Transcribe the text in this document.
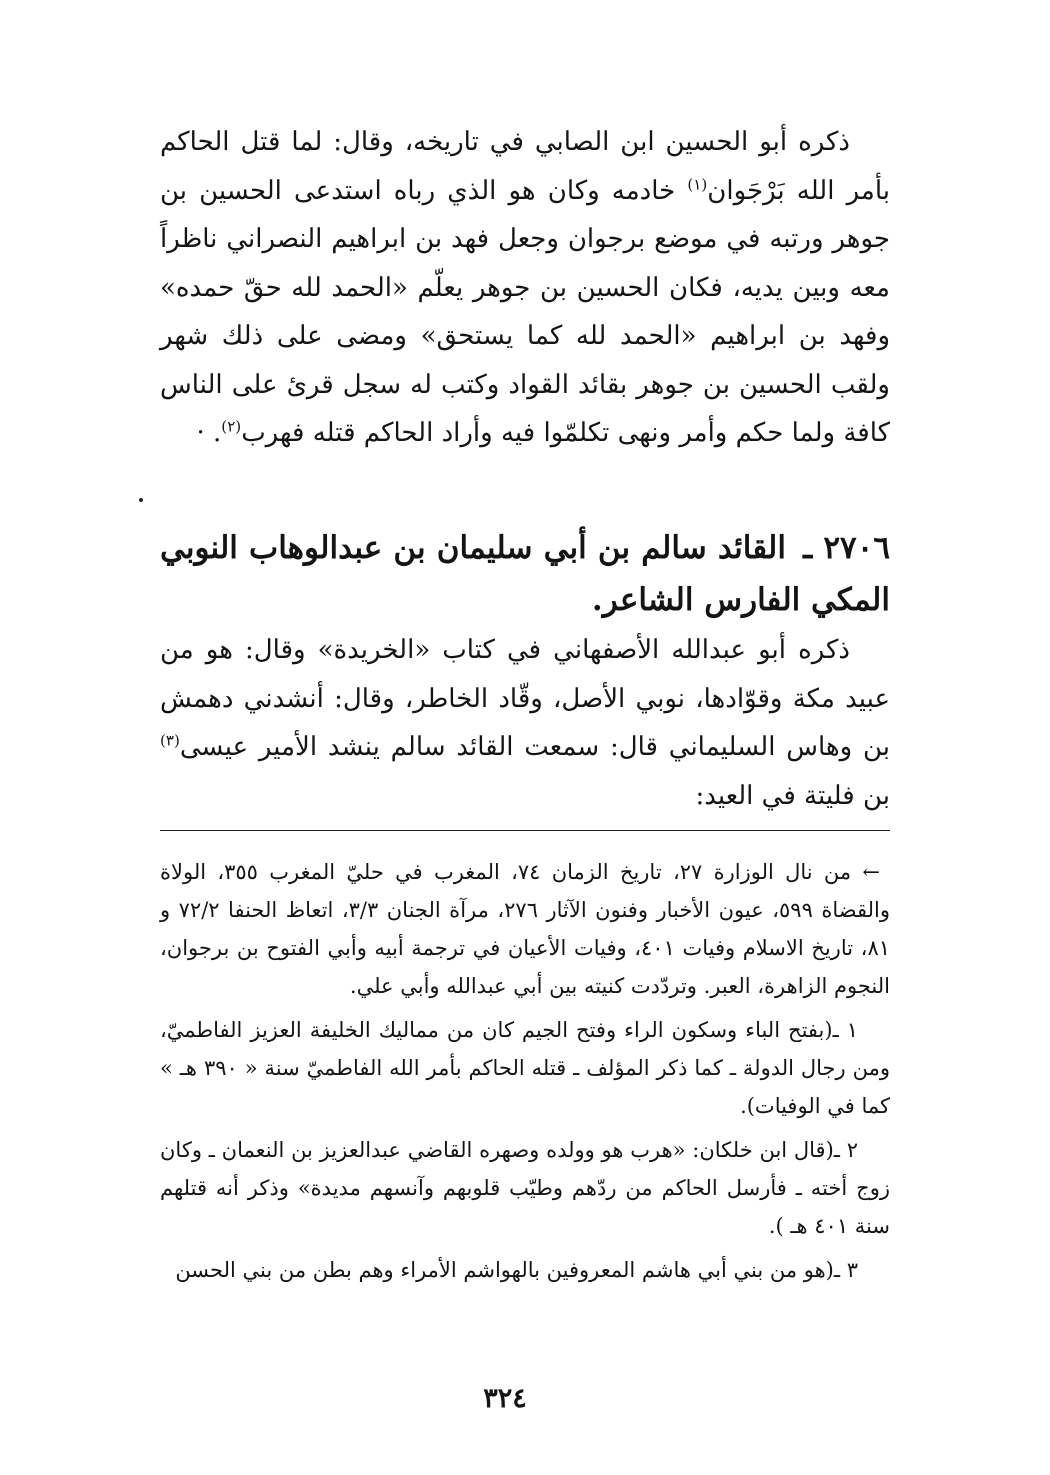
ذكره أبو الحسين ابن الصابي في تاريخه، وقال: لما قتل الحاكم بأمر الله بَرْجَوان$^{(١)}$ خادمه وكان هو الذي رباه استدعى الحسين بن جوهر ورتبه في موضع برجوان وجعل فهد بن ابراهيم النصراني ناظراً معه وبين يديه، فكان الحسين بن جوهر يعلّم «الحمد لله حقّ حمده» وفهد بن ابراهيم «الحمد لله كما يستحق» ومضى على ذلك شهر ولقب الحسين بن جوهر بقائد القواد وكتب له سجل قرئ على الناس كافة ولما حكم وأمر ونهى تكلمّوا فيه وأراد الحاكم قتله فهرب$^{(٢)}$. ·
٢٧٠٦ ـ القائد سالم بن أبي سليمان بن عبدالوهاب النوبي المكي الفارس الشاعر.
ذكره أبو عبدالله الأصفهاني في كتاب «الخريدة» وقال: هو من عبيد مكة وقوّادها، نوبي الأصل، وقّاد الخاطر، وقال: أنشدني دهمش بن وهاس السليماني قال: سمعت القائد سالم ينشد الأمير عيسى$^{(٣)}$ بن فليتة في العيد:

← من نال الوزارة ٢٧، تاريخ الزمان ٧٤، المغرب في حليّ المغرب ٣٥٥، الولاة والقضاة ٥٩٩، عيون الأخبار وفنون الآثار ٢٧٦، مرآة الجنان ٣/٣، اتعاظ الحنفا ٧٢/٢ و ٨١، تاريخ الاسلام وفيات ٤٠١، وفيات الأعيان في ترجمة أبيه وأبي الفتوح بن برجوان، النجوم الزاهرة، العبر. وتردّدت كنيته بين أبي عبدالله وأبي علي.

١ ـ(بفتح الباء وسكون الراء وفتح الجيم كان من مماليك الخليفة العزيز الفاطميّ، ومن رجال الدولة ـ كما ذكر المؤلف ـ قتله الحاكم بأمر الله الفاطميّ سنة « ٣٩٠ هـ » كما في الوفيات).

٢ ـ(قال ابن خلكان: «هرب هو وولده وصهره القاضي عبدالعزيز بن النعمان ـ وكان زوج أخته ـ فأرسل الحاكم من ردّهم وطيّب قلوبهم وآنسهم مديدة» وذكر أنه قتلهم سنة ٤٠١ هـ ).

٣ ـ(هو من بني أبي هاشم المعروفين بالهواشم الأمراء وهم بطن من بني الحسن

٣٢٤
